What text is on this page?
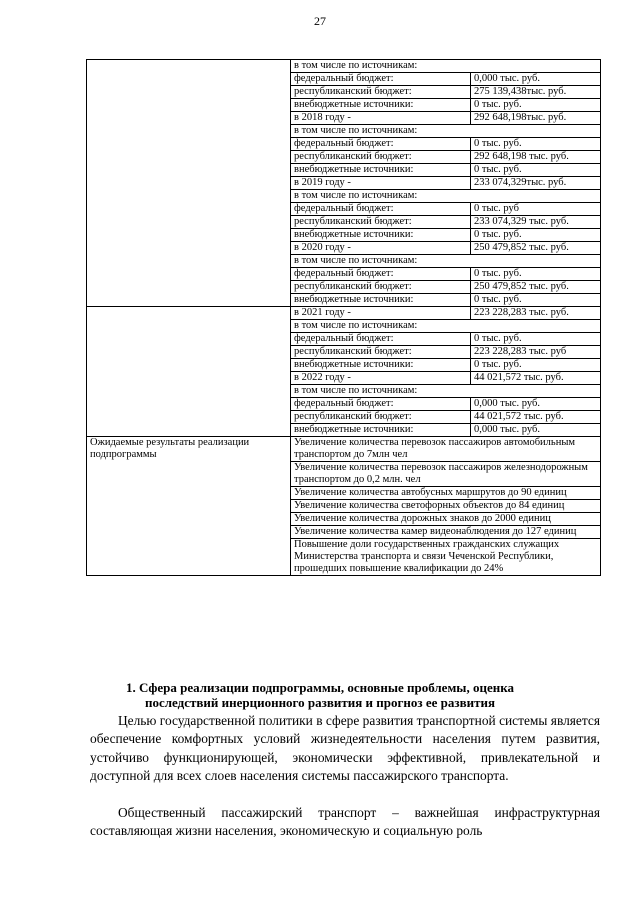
27
	в том числе по источникам:	
	федеральный бюджет:	0,000 тыс. руб.
	республиканский бюджет:	275 139,438тыс. руб.
	внебюджетные источники:	0 тыс. руб.
	в 2018 году -	292 648,198тыс. руб.
	в том числе по источникам:	
	федеральный бюджет:	0 тыс. руб.
	республиканский бюджет:	292 648,198 тыс. руб.
	внебюджетные источники:	0 тыс. руб.
	в 2019 году -	233 074,329тыс. руб.
	в том числе по источникам:	
	федеральный бюджет:	0 тыс. руб
	республиканский бюджет:	233 074,329 тыс. руб.
	внебюджетные источники:	0 тыс. руб.
	в 2020 году -	250 479,852 тыс. руб.
	в том числе по источникам:	
	федеральный бюджет:	0 тыс. руб.
	республиканский бюджет:	250 479,852 тыс. руб.
	внебюджетные источники:	0 тыс. руб.
	в 2021 году -	223 228,283 тыс. руб.
	в том числе по источникам:	
	федеральный бюджет:	0 тыс. руб.
	республиканский бюджет:	223 228,283 тыс. руб
	внебюджетные источники:	0 тыс. руб.
	в 2022 году -	44 021,572 тыс. руб.
	в том числе по источникам:	
	федеральный бюджет:	0,000 тыс. руб.
	республиканский бюджет:	44 021,572 тыс. руб.
	внебюджетные источники:	0,000 тыс. руб.
Ожидаемые результаты реализации подпрограммы	Увеличение количества перевозок пассажиров автомобильным транспортом до 7млн чел	
	Увеличение количества перевозок пассажиров железнодорожным транспортом до 0,2 млн. чел	
	Увеличение количества автобусных маршрутов до 90 единиц	
	Увеличение количества светофорных объектов до 84 единиц	
	Увеличение количества дорожных знаков до 2000 единиц	
	Увеличение количества камер видеонаблюдения до 127 единиц	
	Повышение доли государственных гражданских служащих Министерства транспорта и связи Чеченской Республики, прошедших повышение квалификации до 24%	
1. Сфера реализации подпрограммы, основные проблемы, оценка последствий инерционного развития и прогноз ее развития
Целью государственной политики в сфере развития транспортной системы является обеспечение комфортных условий жизнедеятельности населения путем развития, устойчиво функционирующей, экономически эффективной, привлекательной и доступной для всех слоев населения системы пассажирского транспорта.
Общественный пассажирский транспорт – важнейшая инфраструктурная составляющая жизни населения, экономическую и социальную роль
